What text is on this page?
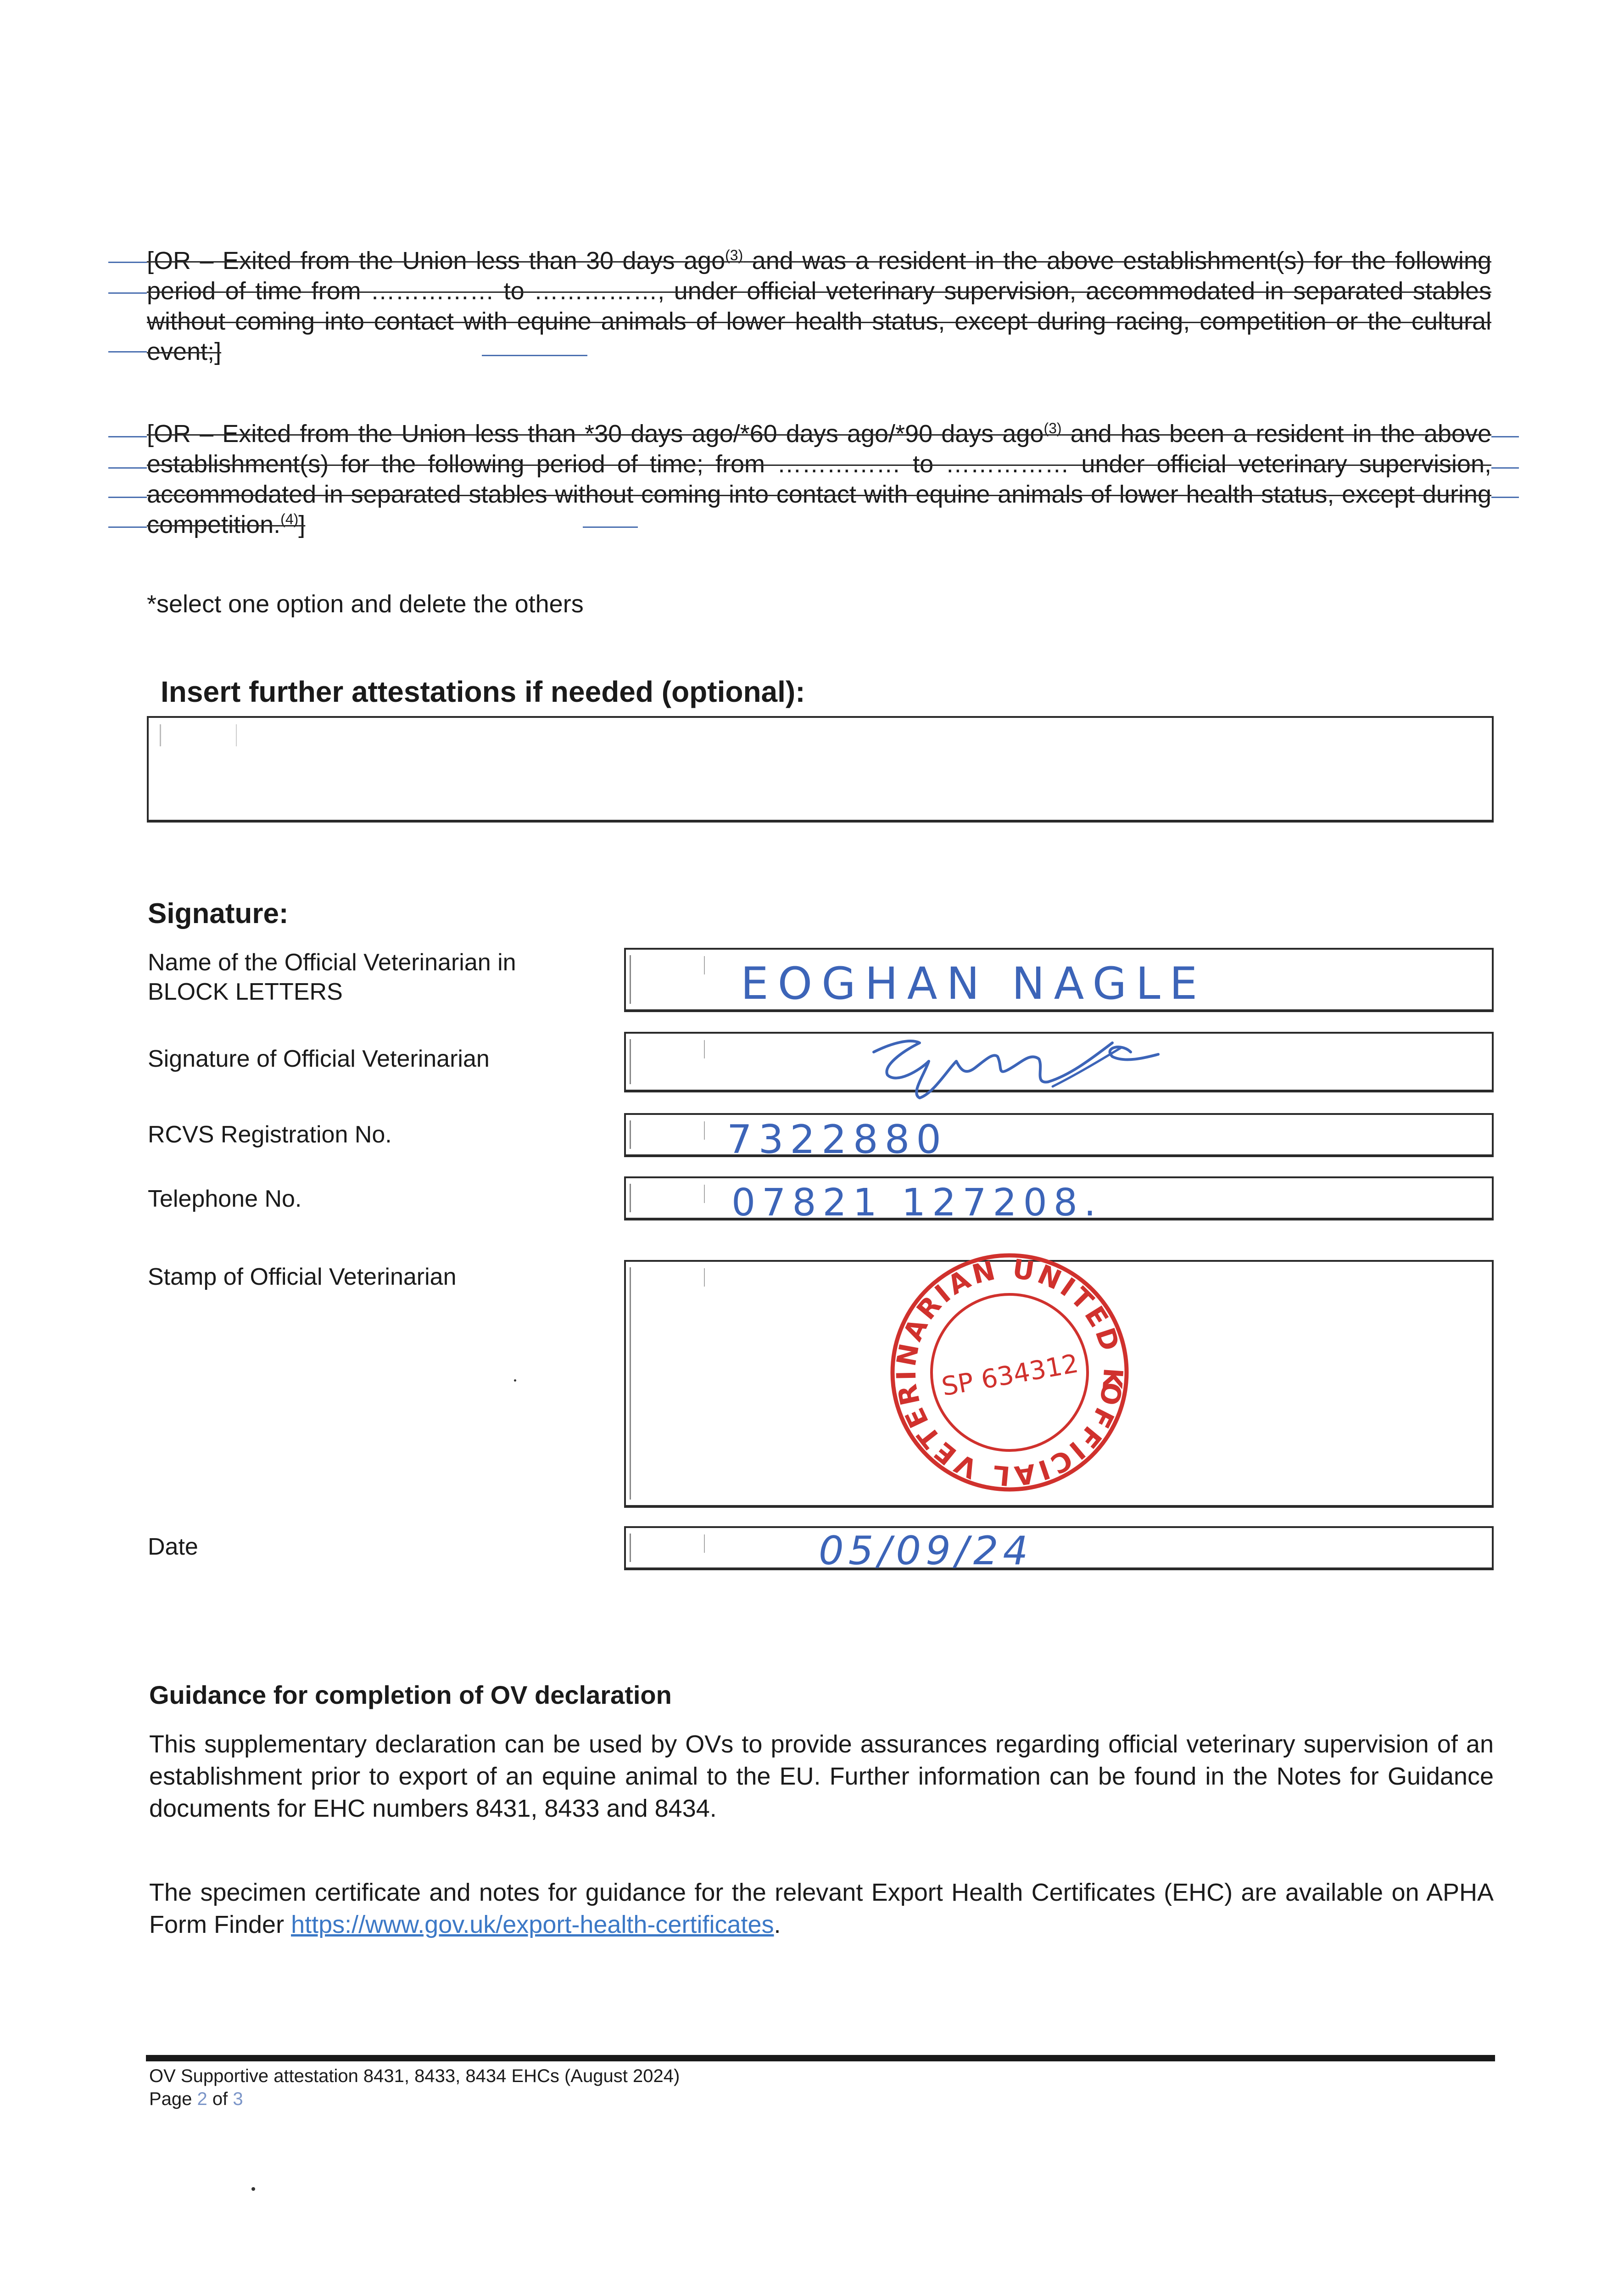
[OR – Exited from the Union less than 30 days ago$^{(3)}$ and was a resident in the above establishment(s) for the following period of time from …………… to ……………, under official veterinary supervision, accommodated in separated stables without coming into contact with equine animals of lower health status, except during racing, competition or the cultural event;]
[OR – Exited from the Union less than *30 days ago/*60 days ago/*90 days ago$^{(3)}$ and has been a resident in the above establishment(s) for the following period of time; from …………… to …………… under official veterinary supervision, accommodated in separated stables without coming into contact with equine animals of lower health status, except during competition.$^{(4)}$]
*select one option and delete the others
Insert further attestations if needed (optional):
Signature:
Name of the Official Veterinarian in BLOCK LETTERS	EOGHAN NAGLE
Signature of Official Veterinarian
RCVS Registration No.	7322880
Telephone No.	07821 127208.
Stamp of Official Veterinarian
OFFICIAL VETERINARIAN UNITED KINGDOM
SP 634312
Date	05/09/24
Guidance for completion of OV declaration
This supplementary declaration can be used by OVs to provide assurances regarding official veterinary supervision of an establishment prior to export of an equine animal to the EU. Further information can be found in the Notes for Guidance documents for EHC numbers 8431, 8433 and 8434.
The specimen certificate and notes for guidance for the relevant Export Health Certificates (EHC) are available on APHA Form Finder https://www.gov.uk/export-health-certificates.
OV Supportive attestation 8431, 8433, 8434 EHCs (August 2024)
Page 2 of 3
